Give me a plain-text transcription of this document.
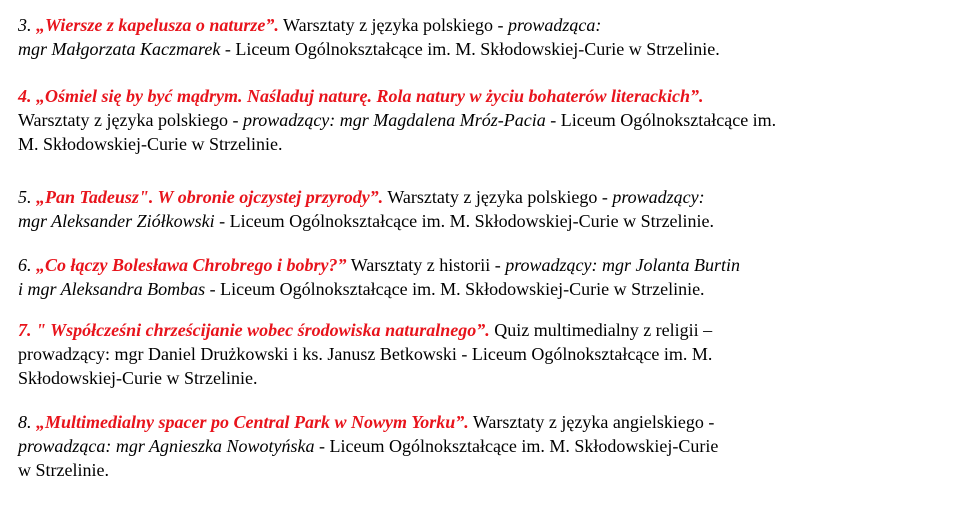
3. „Wiersze z kapelusza o naturze”. Warsztaty z języka polskiego - prowadząca:
mgr Małgorzata Kaczmarek - Liceum Ogólnokształcące im. M. Skłodowskiej-Curie w Strzelinie.
4. „Ośmiel się by być mądrym. Naśladuj naturę. Rola natury w życiu bohaterów literackich”.
Warsztaty z języka polskiego - prowadzący: mgr Magdalena Mróz-Pacia - Liceum Ogólnokształcące im.
M. Skłodowskiej-Curie w Strzelinie.
5. „Pan Tadeusz". W obronie ojczystej przyrody”. Warsztaty z języka polskiego - prowadzący:
mgr Aleksander Ziółkowski - Liceum Ogólnokształcące im. M. Skłodowskiej-Curie w Strzelinie.
6. „Co łączy Bolesława Chrobrego i bobry?” Warsztaty z historii - prowadzący: mgr Jolanta Burtin
i mgr Aleksandra Bombas - Liceum Ogólnokształcące im. M. Skłodowskiej-Curie w Strzelinie.
7. " Współcześni chrześcijanie wobec środowiska naturalnego”. Quiz multimedialny z religii –
prowadzący: mgr Daniel Drużkowski i ks. Janusz Betkowski - Liceum Ogólnokształcące im. M.
Skłodowskiej-Curie w Strzelinie.
8. „Multimedialny spacer po Central Park w Nowym Yorku”. Warsztaty z języka angielskiego -
prowadząca: mgr Agnieszka Nowotyńska - Liceum Ogólnokształcące im. M. Skłodowskiej-Curie
w Strzelinie.
